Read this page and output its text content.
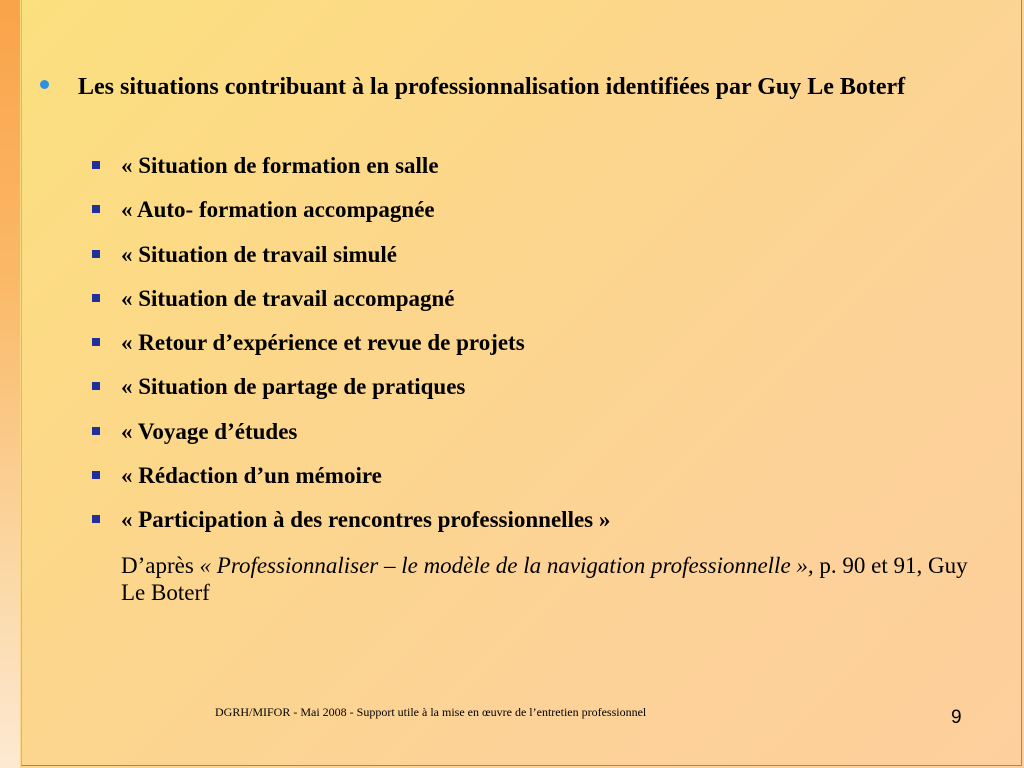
Les situations contribuant à la professionnalisation identifiées par Guy Le Boterf
« Situation de formation en salle
« Auto- formation accompagnée
« Situation de travail simulé
« Situation de travail accompagné
« Retour d’expérience et revue de projets
« Situation de partage de pratiques
« Voyage d’études
« Rédaction d’un mémoire
« Participation à des rencontres professionnelles »
D’après « Professionnaliser – le modèle de la navigation professionnelle », p. 90 et 91, Guy Le Boterf
DGRH/MIFOR - Mai 2008 - Support utile à la mise en œuvre de l’entretien professionnel	9
